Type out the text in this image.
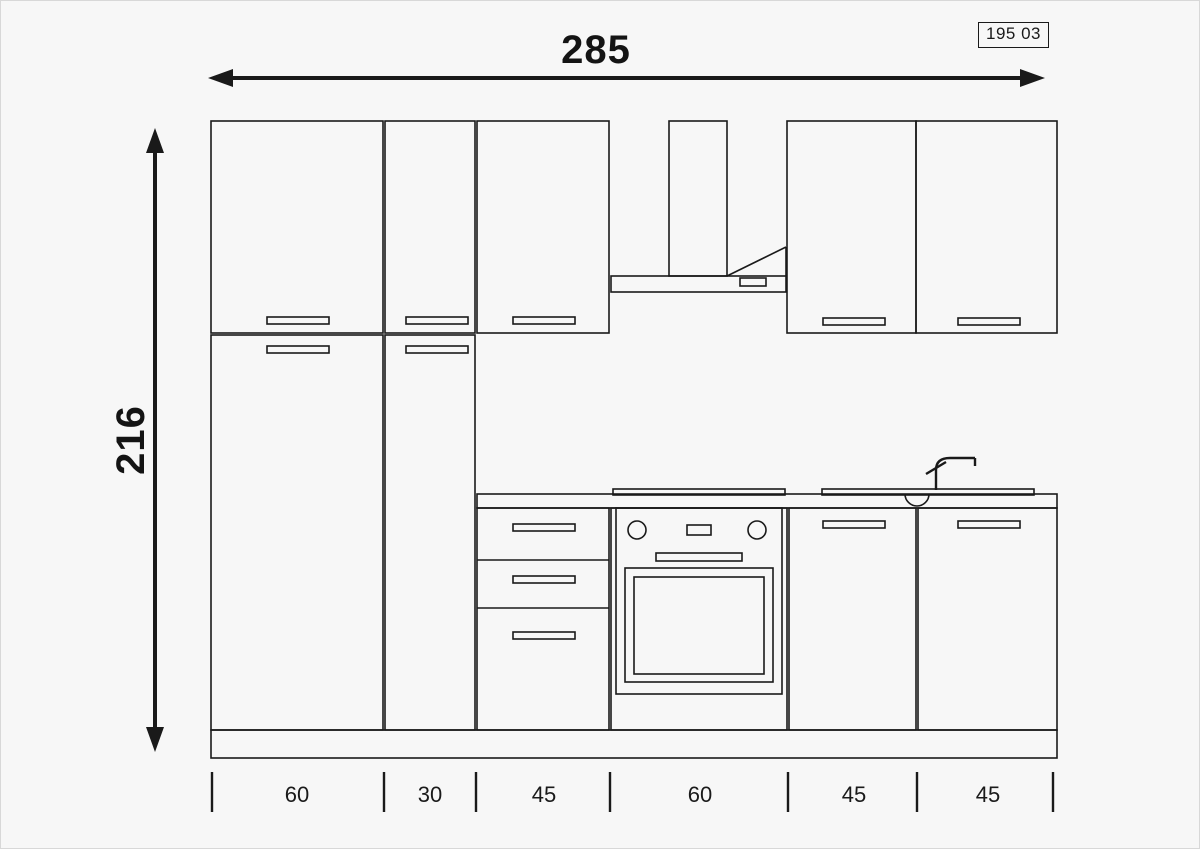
195 03
285
216
60	30	45	60	45	45
